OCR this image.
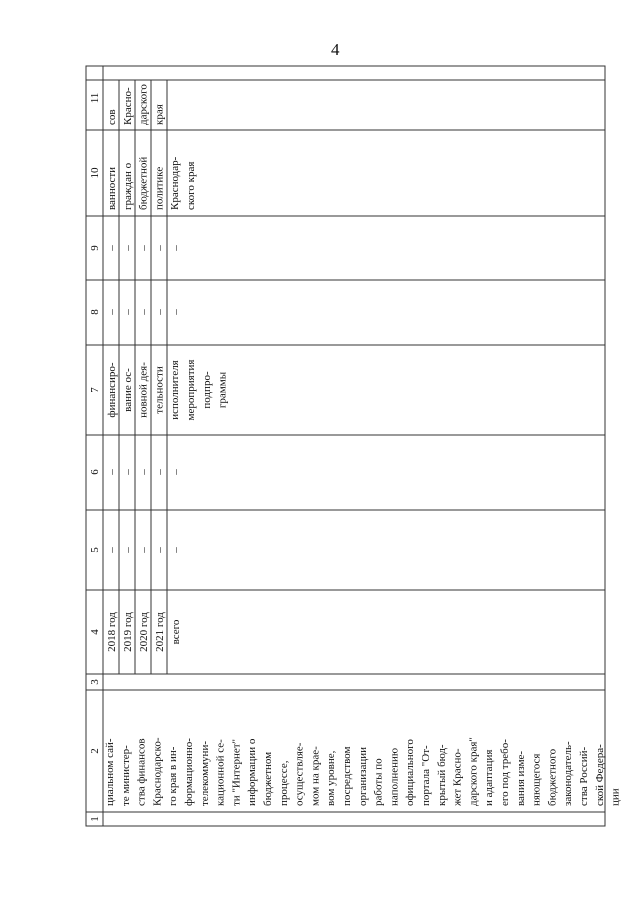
4
1
2
3
4
5
6
7
8
9
10
11
циальном сай- те министер- ства финансов Краснодарско- го края в ин- формационно- телекоммуни- кационной се- ти "Интернет" информации о бюджетном процессе, осуществляе- мом на крае- вом уровне, посредством организации работы по наполнению официального портала "От- крытый бюд- жет Красно- дарского края" и адаптация его под требо- вания изме- няющегося бюджетного законодатель- ства Россий- ской Федера- ции
2018 год 2019 год 2020 год 2021 год всего
– – – – –
– – – – –
– – – – –
– – – – –
финансиро- вание ос- новной дея- тельности исполнителя мероприятия подпро- граммы
ванности граждан о бюджетной политике Краснодар- ского края
сов Красно- дарского края
